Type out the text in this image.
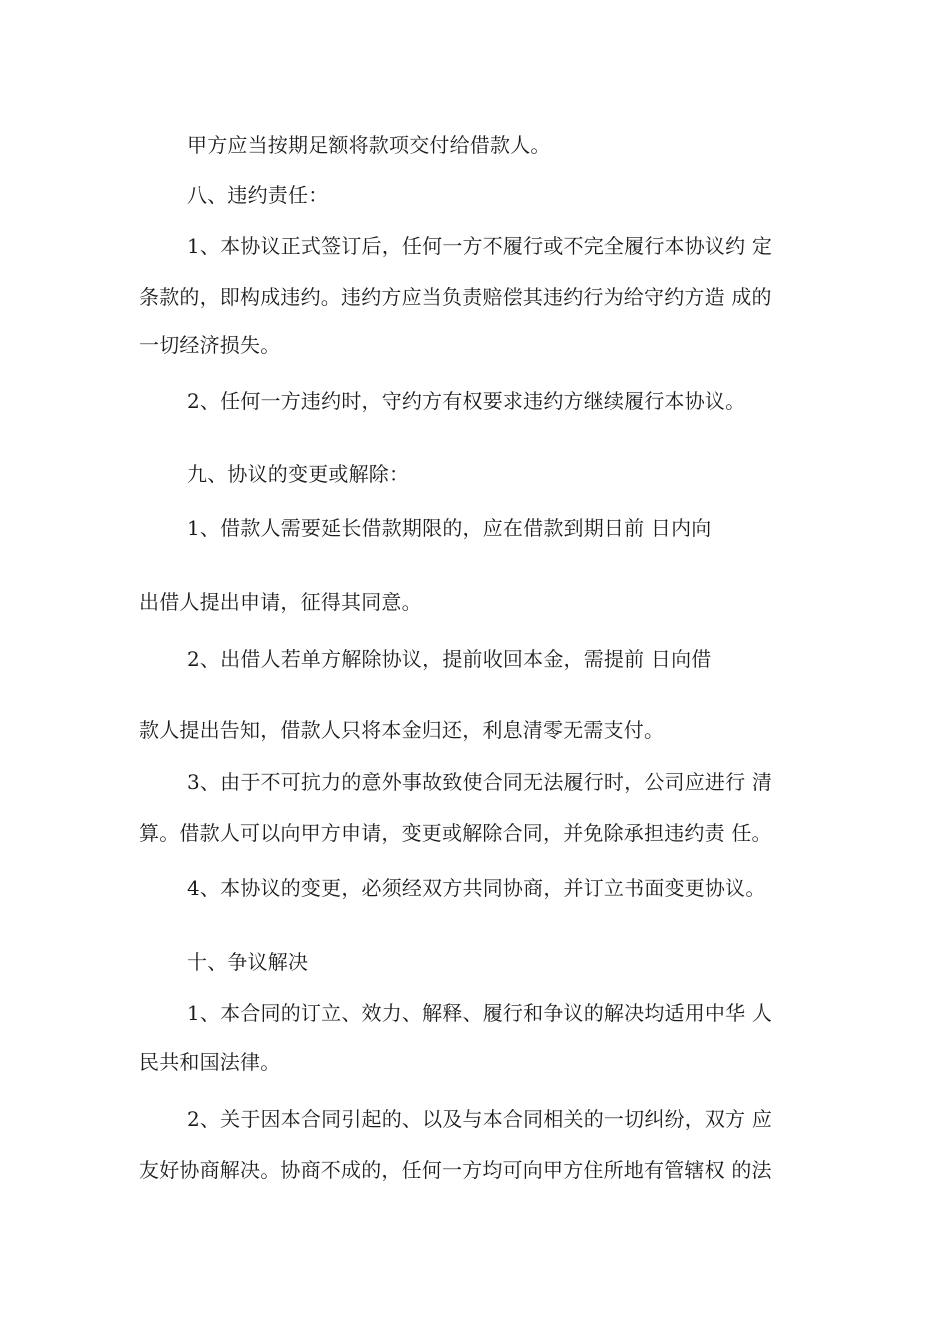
甲方应当按期足额将款项交付给借款人。
八、违约责任：
1、本协议正式签订后，任何一方不履行或不完全履行本协议约 定
条款的，即构成违约。违约方应当负责赔偿其违约行为给守约方造 成的
一切经济损失。
2、任何一方违约时，守约方有权要求违约方继续履行本协议。
九、协议的变更或解除：
1、借款人需要延长借款期限的，应在借款到期日前 日内向
出借人提出申请，征得其同意。
2、出借人若单方解除协议，提前收回本金，需提前 日向借
款人提出告知，借款人只将本金归还，利息清零无需支付。
3、由于不可抗力的意外事故致使合同无法履行时，公司应进行 清
算。借款人可以向甲方申请，变更或解除合同，并免除承担违约责 任。
4、本协议的变更，必须经双方共同协商，并订立书面变更协议。
十、争议解决
1、本合同的订立、效力、解释、履行和争议的解决均适用中华 人
民共和国法律。
2、关于因本合同引起的、以及与本合同相关的一切纠纷，双方 应
友好协商解决。协商不成的，任何一方均可向甲方住所地有管辖权 的法
